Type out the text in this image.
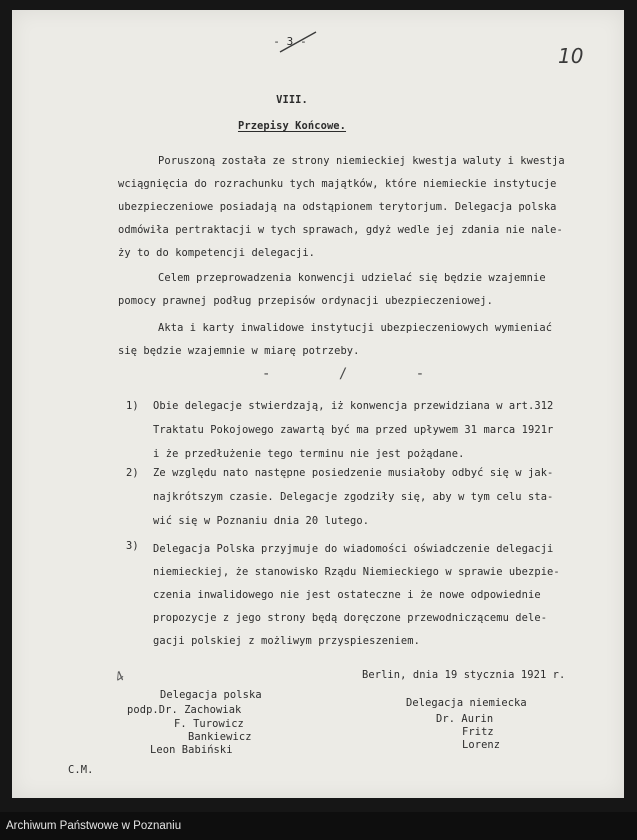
- 3 -
10
VIII.
Przepisy Końcowe.
Poruszoną została ze strony niemieckiej kwestja waluty i kwestja
wciągnięcia do rozrachunku tych majątków, które niemieckie instytucje
ubezpieczeniowe posiadają na odstąpionem terytorjum. Delegacja polska
odmówiła pertraktacji w tych sprawach, gdyż wedle jej zdania nie nale-
ży to do kompetencji delegacji.
Celem przeprowadzenia konwencji udzielać się będzie wzajemnie
pomocy prawnej podług przepisów ordynacji ubezpieczeniowej.
Akta i karty inwalidowe instytucji ubezpieczeniowych wymieniać
się będzie wzajemnie w miarę potrzeby.
- / -
1) Obie delegacje stwierdzają, iż konwencja przewidziana w art.312
Traktatu Pokojowego zawartą być ma przed upływem 31 marca 1921r
i że przedłużenie tego terminu nie jest pożądane.
2) Ze względu nato następne posiedzenie musiałoby odbyć się w jak-
najkrótszym czasie. Delegacje zgodziły się, aby w tym celu sta-
wić się w Poznaniu dnia 20 lutego.
3) Delegacja Polska przyjmuje do wiadomości oświadczenie delegacji
niemieckiej, że stanowisko Rządu Niemieckiego w sprawie ubezpie-
czenia inwalidowego nie jest ostateczne i że nowe odpowiednie
propozycje z jego strony będą doręczone przewodniczącemu dele-
gacji polskiej z możliwym przyspieszeniem.
Berlin, dnia 19 stycznia 1921 r.
4
Delegacja polska
podp.Dr. Zachowiak
F. Turowicz
Bankiewicz
Leon Babiński
Delegacja niemiecka
Dr. Aurin
Fritz
Lorenz
C.M.
Archiwum Państwowe w Poznaniu
